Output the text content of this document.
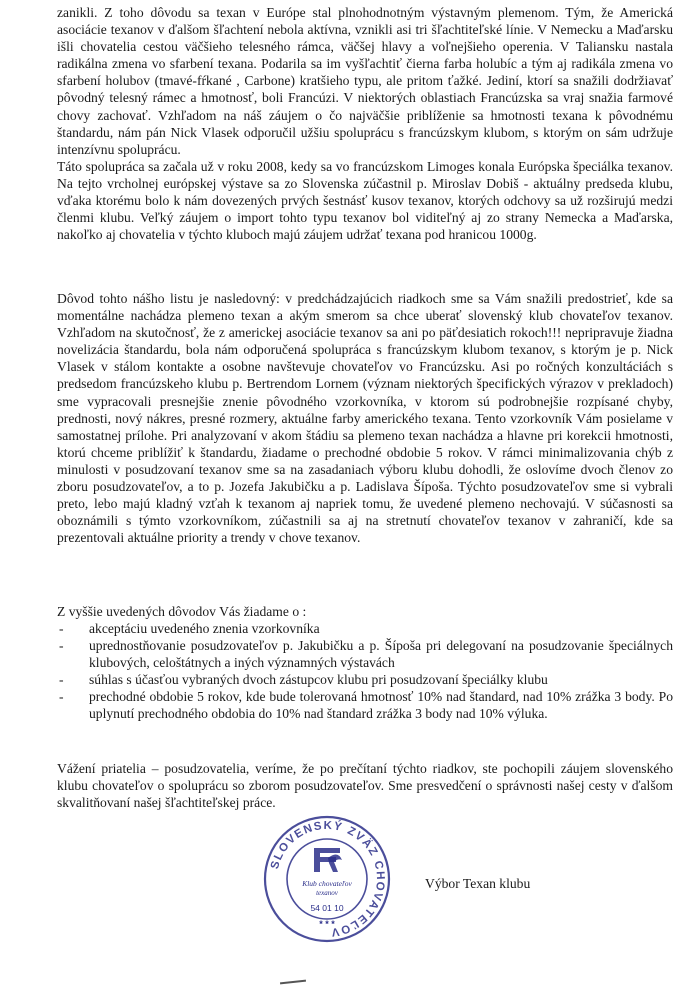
zanikli. Z toho dôvodu sa texan v Európe stal plnohodnotným výstavným plemenom. Tým, že Americká asociácie texanov v ďalšom šľachtení nebola aktívna, vznikli asi tri šľachtiteľské línie. V Nemecku a Maďarsku išli chovatelia cestou väčšieho telesného rámca, väčšej hlavy a voľnejšieho operenia. V Taliansku nastala radikálna zmena vo sfarbení texana. Podarila sa im vyšľachtiť čierna farba holubíc a tým aj radikála zmena vo sfarbení holubov (tmavé-fŕkané , Carbone) kratšieho typu, ale pritom ťažké. Jediní, ktorí sa snažili dodržiavať pôvodný telesný rámec a hmotnosť, boli Francúzi. V niektorých oblastiach Francúzska sa vraj snažia farmové chovy zachovať. Vzhľadom na náš záujem o čo najväčšie priblíženie sa hmotnosti texana k pôvodnému štandardu, nám pán Nick Vlasek odporučil užšiu spoluprácu s francúzskym klubom, s ktorým on sám udržuje intenzívnu spoluprácu.
Táto spolupráca sa začala už v roku 2008, kedy sa vo francúzskom Limoges konala Európska špeciálka texanov. Na tejto vrcholnej európskej výstave sa zo Slovenska zúčastnil p. Miroslav Dobiš - aktuálny predseda klubu, vďaka ktorému bolo k nám dovezených prvých šestnásť kusov texanov, ktorých odchovy sa už rozširujú medzi členmi klubu. Veľký záujem o import tohto typu texanov bol viditeľný aj zo strany Nemecka a Maďarska, nakoľko aj chovatelia v týchto kluboch majú záujem udržať texana pod hranicou 1000g.

Dôvod tohto nášho listu je nasledovný: v predchádzajúcich riadkoch sme sa Vám snažili predostrieť, kde sa momentálne nachádza plemeno texan a akým smerom sa chce uberať slovenský klub chovateľov texanov. Vzhľadom na skutočnosť, že z americkej asociácie texanov sa ani po päťdesiatich rokoch!!! nepripravuje žiadna novelizácia štandardu, bola nám odporučená spolupráca s francúzskym klubom texanov, s ktorým je p. Nick Vlasek v stálom kontakte a osobne navštevuje chovateľov vo Francúzsku. Asi po ročných konzultáciách s predsedom francúzskeho klubu p. Bertrendom Lornem (význam niektorých špecifických výrazov v prekladoch) sme vypracovali presnejšie znenie pôvodného vzorkovníka, v ktorom sú podrobnejšie rozpísané chyby, prednosti, nový nákres, presné rozmery, aktuálne farby amerického texana. Tento vzorkovník Vám posielame v samostatnej prílohe. Pri analyzovaní v akom štádiu sa plemeno texan nachádza a hlavne pri korekcii hmotnosti, ktorú chceme priblížiť k štandardu, žiadame o prechodné obdobie 5 rokov. V rámci minimalizovania chýb z minulosti v posudzovaní texanov sme sa na zasadaniach výboru klubu dohodli, že oslovíme dvoch členov zo zboru posudzovateľov, a to p. Jozefa Jakubičku a p. Ladislava Šípoša. Týchto posudzovateľov sme si vybrali preto, lebo majú kladný vzťah k texanom aj napriek tomu, že uvedené plemeno nechovajú. V súčasnosti sa oboznámili s týmto vzorkovníkom, zúčastnili sa aj na stretnutí chovateľov texanov v zahraničí, kde sa prezentovali aktuálne priority a trendy v chove texanov.

Z vyššie uvedených dôvodov Vás žiadame o :

- akceptáciu uvedeného znenia vzorkovníka
- uprednostňovanie posudzovateľov p. Jakubičku a p. Šípoša pri delegovaní na posudzovanie špeciálnych klubových, celoštátnych a iných významných výstavách
- súhlas s účasťou vybraných dvoch zástupcov klubu pri posudzovaní špeciálky klubu
- prechodné obdobie 5 rokov, kde bude tolerovaná hmotnosť 10% nad štandard, nad 10% zrážka 3 body. Po uplynutí prechodného obdobia do 10% nad štandard zrážka 3 body nad 10% výluka.

Vážení priatelia – posudzovatelia, veríme, že po prečítaní týchto riadkov, ste pochopili záujem slovenského klubu chovateľov o spoluprácu so zborom posudzovateľov. Sme presvedčení o správnosti našej cesty v ďalšom skvalitňovaní našej šľachtiteľskej práce.

SLOVENSKÝ ZVÄZ CHOVATEĽOV
Klub chovateľov
texanov
54 01 10
* * *
Výbor Texan klubu
